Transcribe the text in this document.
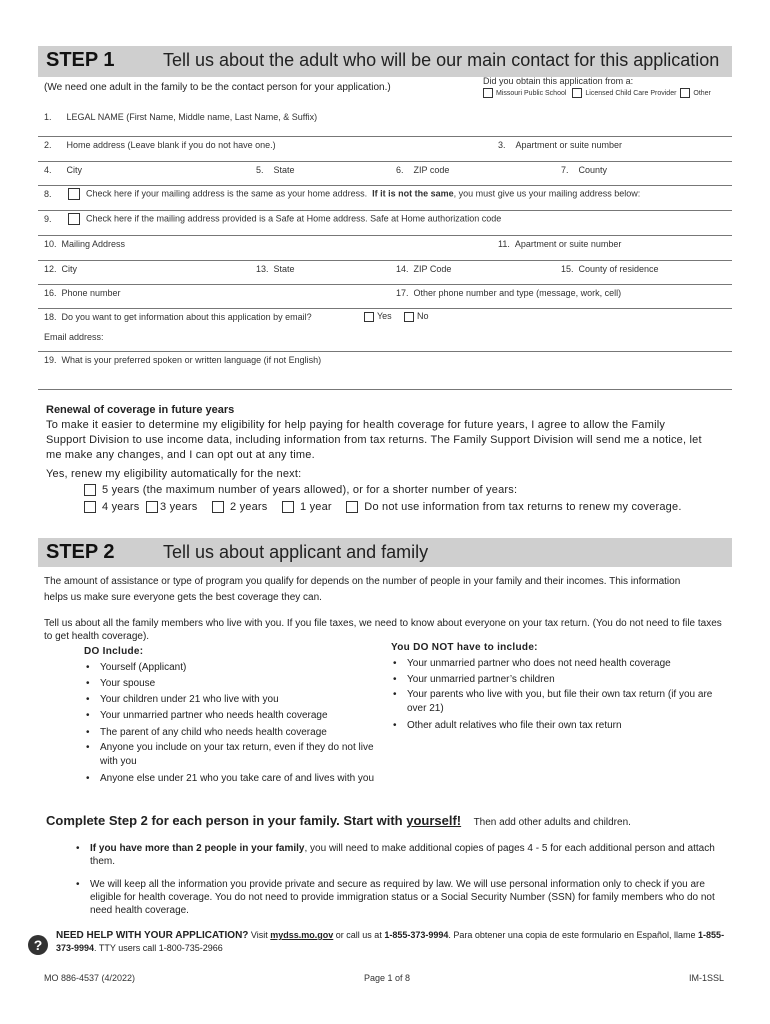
STEP 1	Tell us about the adult who will be our main contact for this application
(We need one adult in the family to be the contact person for your application.)
Did you obtain this application from a:
Missouri Public School	Licensed Child Care Provider Other
1.      LEGAL NAME (First Name, Middle name, Last Name, & Suffix)
2.      Home address (Leave blank if you do not have one.)	3.    Apartment or suite number
4.      City	5.    State	6.    ZIP code	7.    County
8.	Check here if your mailing address is the same as your home address. If it is not the same, you must give us your mailing address below:
9.	Check here if the mailing address provided is a Safe at Home address. Safe at Home authorization code
10.  Mailing Address	11.  Apartment or suite number
12.  City	13.  State	14.  ZIP Code	15.  County of residence
16.  Phone number	17.  Other phone number and type (message, work, cell)
18.  Do you want to get information about this application by email?	Yes	No
Email address:
19.  What is your preferred spoken or written language (if not English)
Renewal of coverage in future years
To make it easier to determine my eligibility for help paying for health coverage for future years, I agree to allow the Family Support Division to use income data, including information from tax returns. The Family Support Division will send me a notice, let me make any changes, and I can opt out at any time.
Yes, renew my eligibility automatically for the next:
5 years (the maximum number of years allowed), or for a shorter number of years:
4 years 3 years	2 years	1 year	Do not use information from tax returns to renew my coverage.
STEP 2	Tell us about applicant and family
The amount of assistance or type of program you qualify for depends on the number of people in your family and their incomes. This information helps us make sure everyone gets the best coverage they can.
Tell us about all the family members who live with you. If you file taxes, we need to know about everyone on your tax return. (You do not need to file taxes to get health coverage).
DO Include:
• Yourself (Applicant)
• Your spouse
• Your children under 21 who live with you
• Your unmarried partner who needs health coverage
• The parent of any child who needs health coverage
• Anyone you include on your tax return, even if they do not live with you
• Anyone else under 21 who you take care of and lives with you
You DO NOT have to include:
• Your unmarried partner who does not need health coverage
• Your unmarried partner’s children
• Your parents who live with you, but file their own tax return (if you are over 21)
• Other adult relatives who file their own tax return
Complete Step 2 for each person in your family. Start with yourself! Then add other adults and children.
• If you have more than 2 people in your family, you will need to make additional copies of pages 4 - 5 for each additional person and attach them.
• We will keep all the information you provide private and secure as required by law. We will use personal information only to check if you are eligible for health coverage. You do not need to provide immigration status or a Social Security Number (SSN) for family members who do not need health coverage.
?
NEED HELP WITH YOUR APPLICATION? Visit mydss.mo.gov or call us at 1-855-373-9994. Para obtener una copia de este formulario en Español, llame 1-855-373-9994. TTY users call 1-800-735-2966
MO 886-4537 (4/2022)	Page 1 of 8	IM-1SSL
